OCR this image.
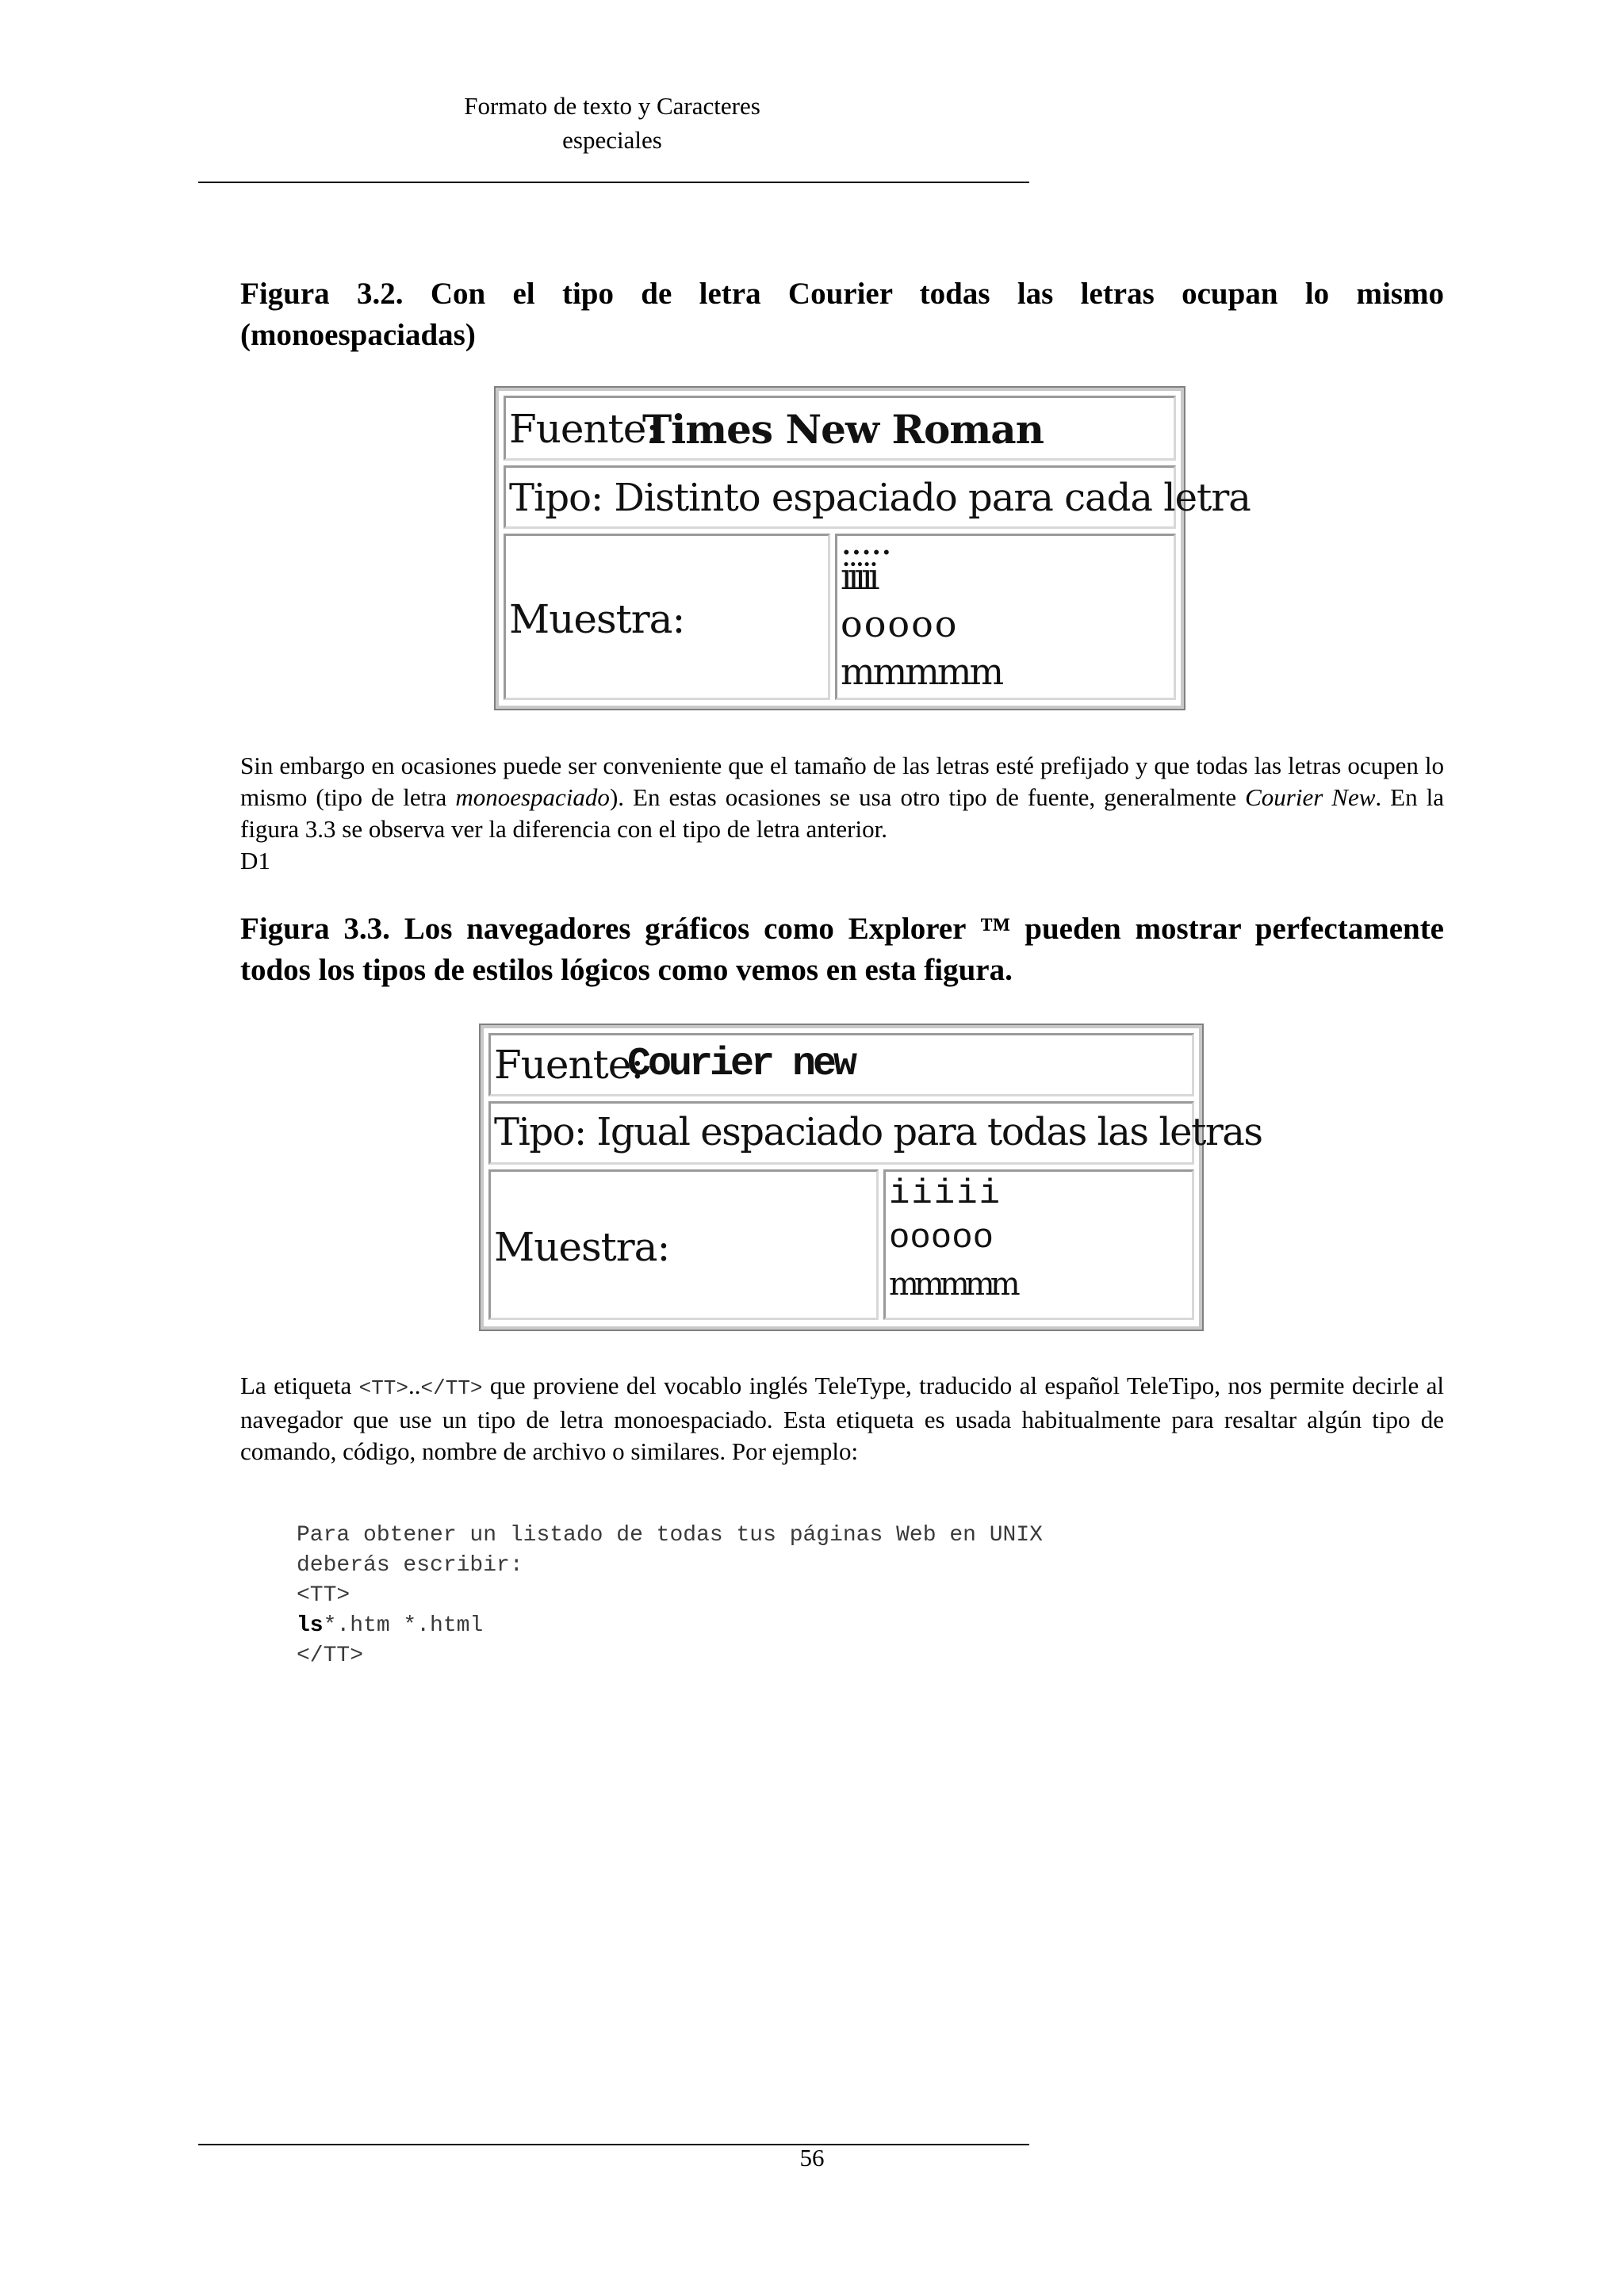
Formato de texto y Caracteres
especiales
Figura 3.2. Con el tipo de letra Courier todas las letras ocupan lo mismo
(monoespaciadas)
Fuente:
Times New Roman
Tipo: Distinto espaciado para cada letra
Muestra:
.....
iiiii
ooooo
mmmmm
Sin embargo en ocasiones puede ser conveniente que el tamaño de las letras esté prefijado y que todas las letras ocupen lo mismo (tipo de letra monoespaciado). En estas ocasiones se usa otro tipo de fuente, generalmente Courier New. En la figura 3.3 se observa ver la diferencia con el tipo de letra anterior.
D1
Figura 3.3. Los navegadores gráficos como Explorer ™ pueden mostrar perfectamente todos los tipos de estilos lógicos como vemos en esta figura.
Fuente:
Courier new
Tipo: Igual espaciado para todas las letras
Muestra:
iiiii
ooooo
mmmmm
La etiqueta <TT>..</TT> que proviene del vocablo inglés TeleType, traducido al español TeleTipo, nos permite decirle al navegador que use un tipo de letra monoespaciado. Esta etiqueta es usada habitualmente para resaltar algún tipo de comando, código, nombre de archivo o similares. Por ejemplo:
Para obtener un listado de todas tus páginas Web en UNIX
deberás escribir:
<TT>
ls*.htm *.html
</TT>
56
